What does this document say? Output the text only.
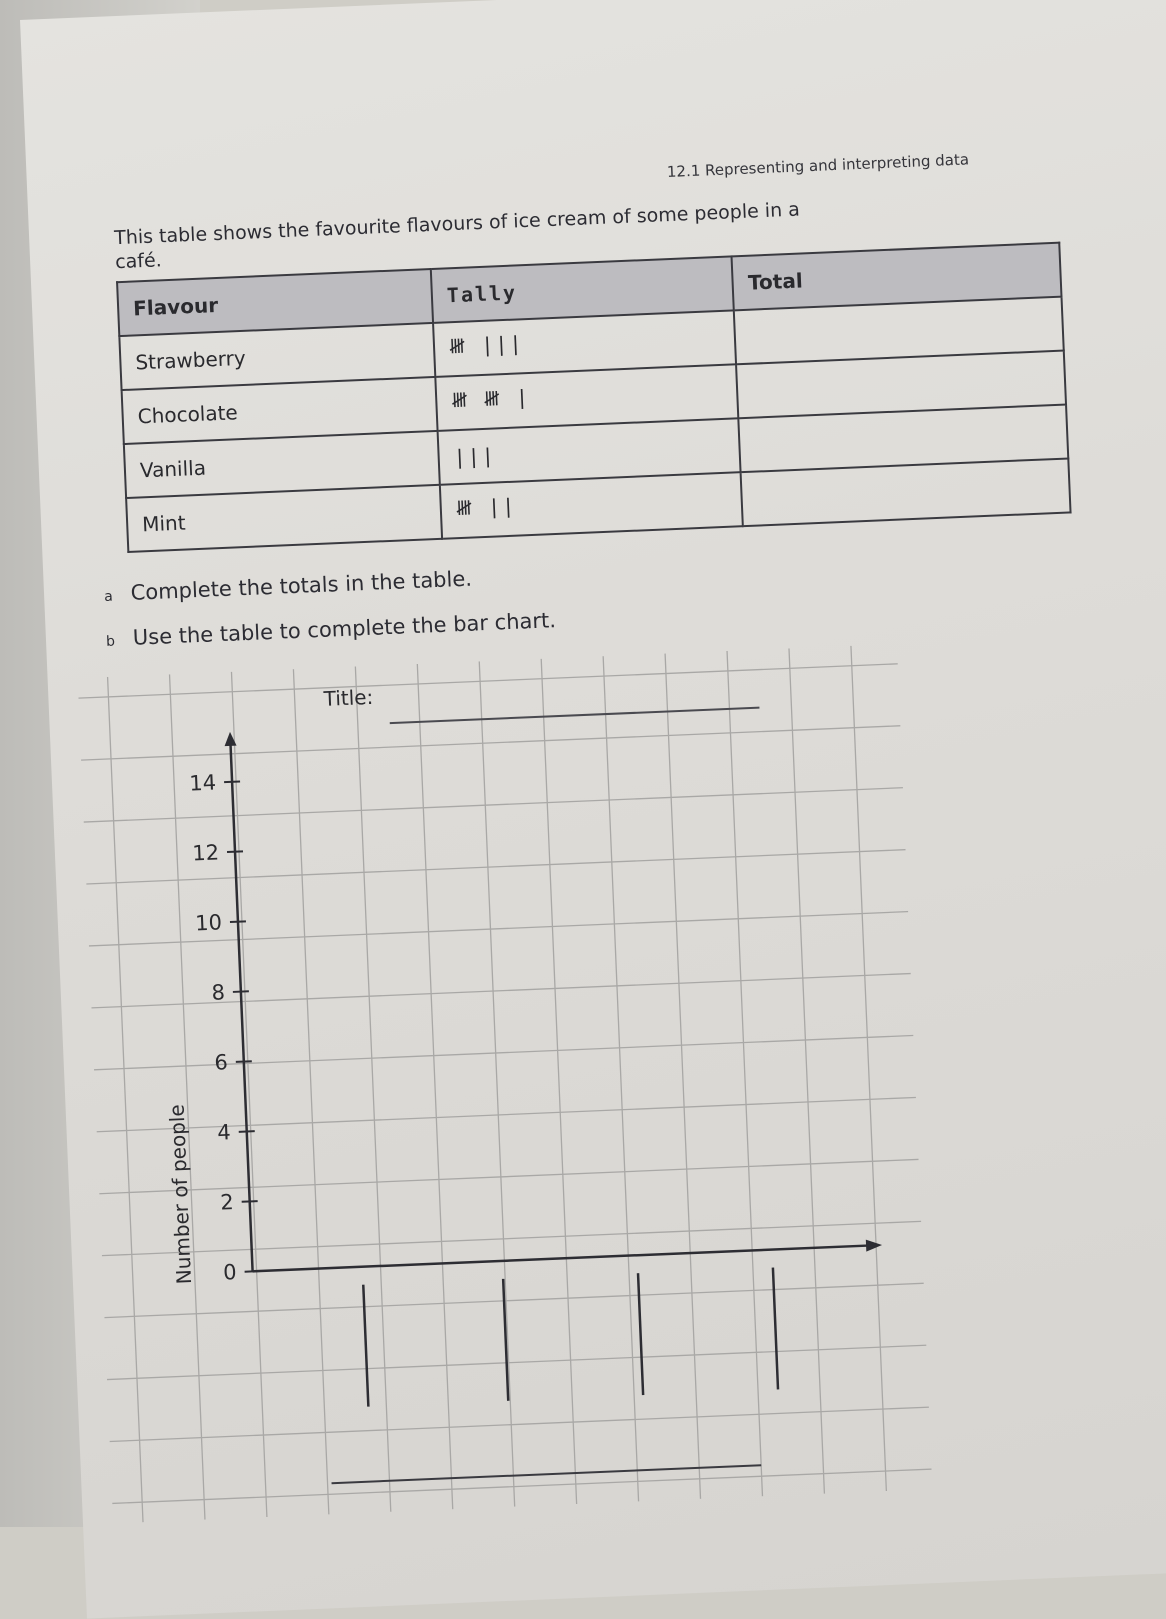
12.1 Representing and interpreting data
This table shows the favourite flavours of ice cream of some people in a café.
Flavour	Tally	Total
Strawberry	𝍸 |||	
Chocolate	𝍸 𝍸 |	
Vanilla	|||	
Mint	𝍸 ||	
a Complete the totals in the table.
b Use the table to complete the bar chart.
Title:
Number of people 0
2
4
6
8
10
12
14
